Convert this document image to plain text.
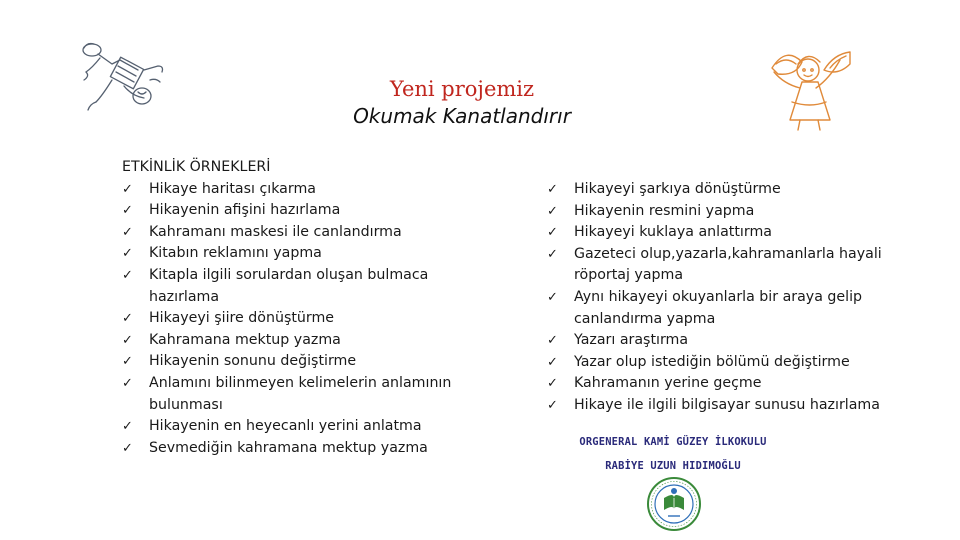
Yeni projemiz
Okumak Kanatlandırır
ETKİNLİK ÖRNEKLERİ
✓	Hikaye haritası çıkarma
✓	Hikayenin afişini hazırlama
✓	Kahramanı maskesi ile canlandırma
✓	Kitabın reklamını yapma
✓	Kitapla ilgili sorulardan oluşan bulmaca hazırlama
✓	Hikayeyi şiire dönüştürme
✓	Kahramana mektup yazma
✓	Hikayenin sonunu değiştirme
✓	Anlamını bilinmeyen kelimelerin anlamının bulunması
✓	Hikayenin en heyecanlı yerini anlatma
✓	Sevmediğin kahramana mektup yazma
✓	Hikayeyi şarkıya dönüştürme
✓	Hikayenin resmini yapma
✓	Hikayeyi kuklaya anlattırma
✓	Gazeteci olup,yazarla,kahramanlarla hayali röportaj yapma
✓	Aynı hikayeyi okuyanlarla bir araya gelip canlandırma yapma
✓	Yazarı araştırma
✓	Yazar olup istediğin bölümü değiştirme
✓	Kahramanın yerine geçme
✓	Hikaye ile ilgili bilgisayar sunusu hazırlama
ORGENERAL KAMİ GÜZEY İLKOKULU
RABİYE UZUN HIDIMOĞLU
